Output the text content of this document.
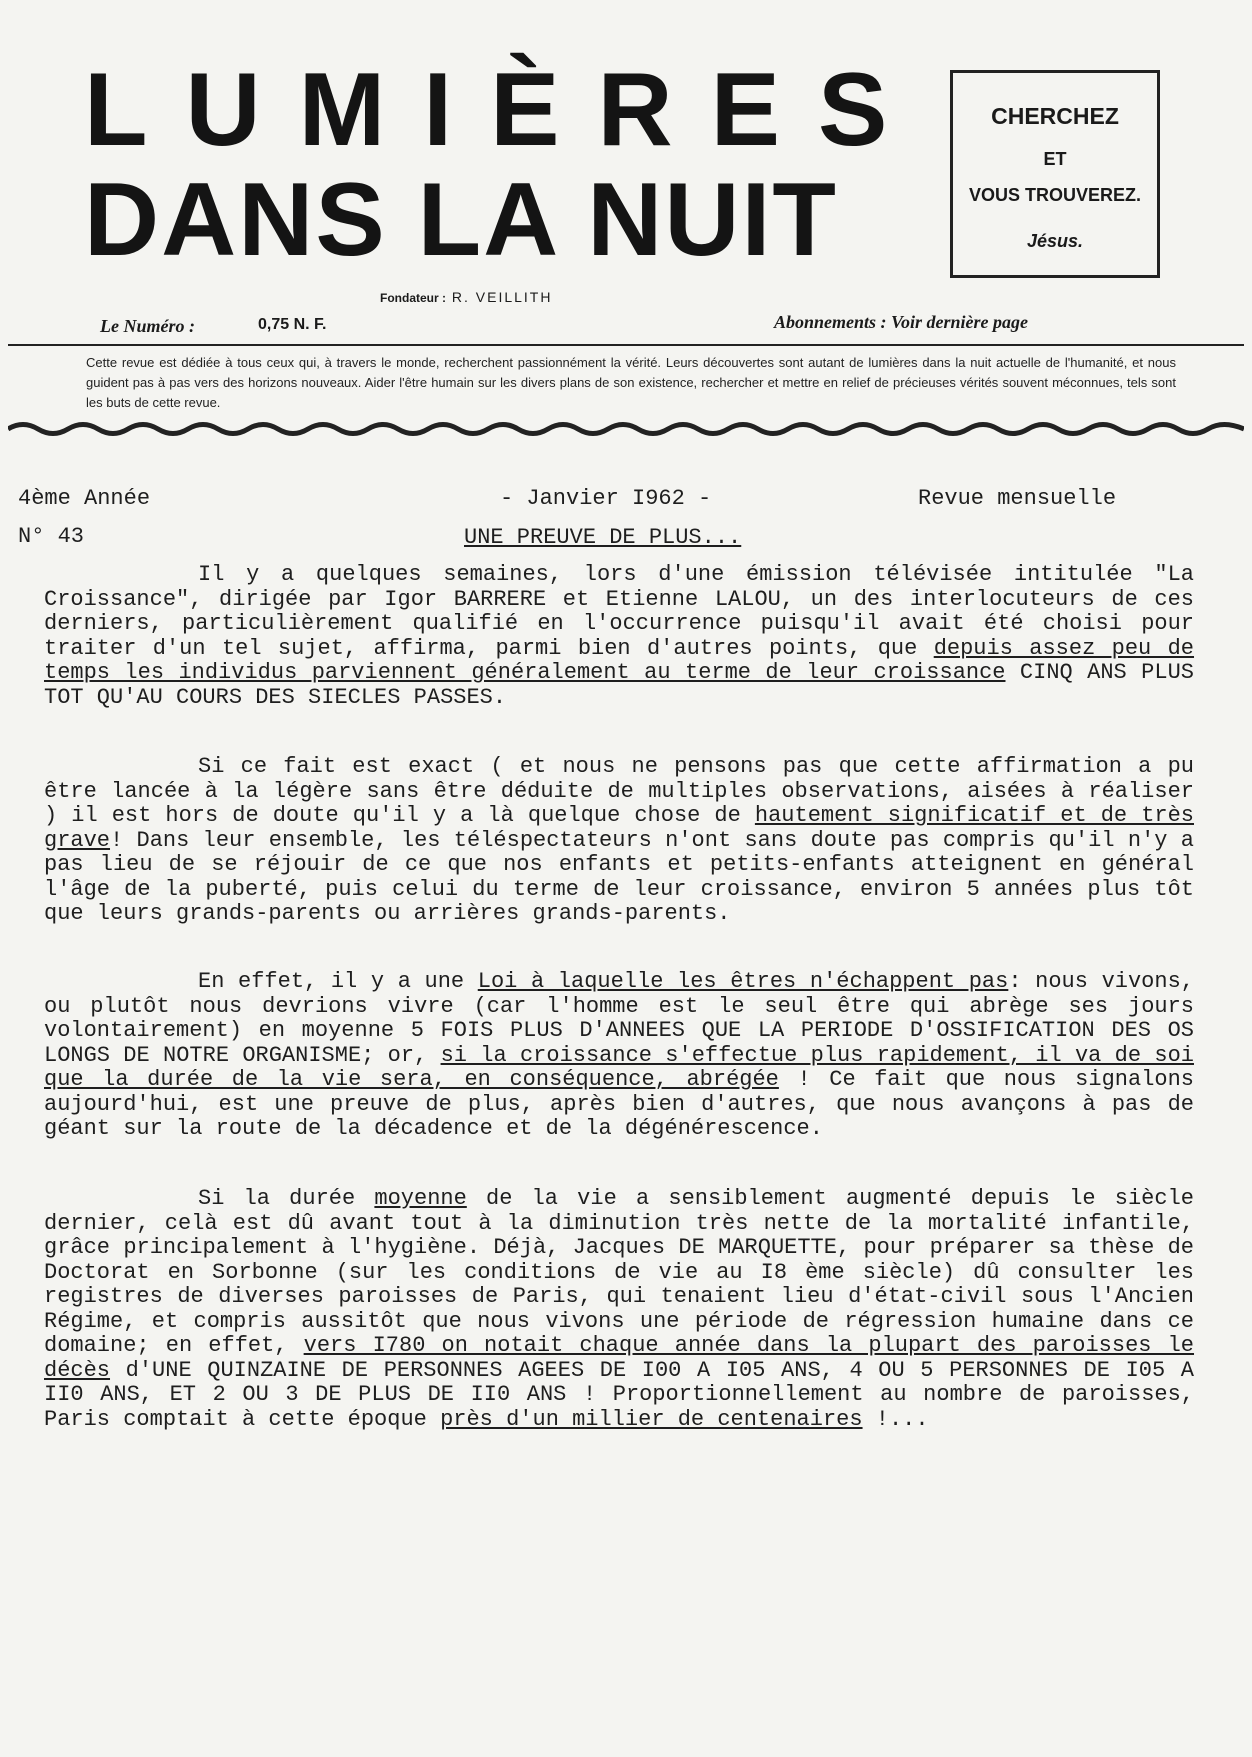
LUMIÈRES
DANS LA NUIT
CHERCHEZ
ET
VOUS TROUVEREZ.
Jésus.
Fondateur : R. VEILLITH
Le Numéro :	0,75 N. F.	Abonnements : Voir dernière page
Cette revue est dédiée à tous ceux qui, à travers le monde, recherchent passionnément la vérité. Leurs découvertes sont autant de lumières dans la nuit actuelle de l'humanité, et nous guident pas à pas vers des horizons nouveaux. Aider l'être humain sur les divers plans de son existence, rechercher et mettre en relief de précieuses vérités souvent méconnues, tels sont les buts de cette revue.
4ème Année	- Janvier I962 -	Revue mensuelle
N° 43	UNE PREUVE DE PLUS...

Il y a quelques semaines, lors d'une émission télévisée intitulée "La Croissance", dirigée par Igor BARRERE et Etienne LALOU, un des interlocuteurs de ces derniers, particulièrement qualifié en l'occurrence puisqu'il avait été choisi pour traiter d'un tel sujet, affirma, parmi bien d'autres points, que depuis assez peu de temps les individus parviennent généralement au terme de leur croissance CINQ ANS PLUS TOT QU'AU COURS DES SIECLES PASSES.

Si ce fait est exact ( et nous ne pensons pas que cette affirmation a pu être lancée à la légère sans être déduite de multiples observations, aisées à réaliser ) il est hors de doute qu'il y a là quelque chose de hautement significatif et de très grave! Dans leur ensemble, les téléspectateurs n'ont sans doute pas compris qu'il n'y a pas lieu de se réjouir de ce que nos enfants et petits-enfants atteignent en général l'âge de la puberté, puis celui du terme de leur croissance, environ 5 années plus tôt que leurs grands-parents ou arrières grands-parents.

En effet, il y a une Loi à laquelle les êtres n'échappent pas: nous vivons, ou plutôt nous devrions vivre (car l'homme est le seul être qui abrège ses jours volontairement) en moyenne 5 FOIS PLUS D'ANNEES QUE LA PERIODE D'OSSIFICATION DES OS LONGS DE NOTRE ORGANISME; or, si la croissance s'effectue plus rapidement, il va de soi que la durée de la vie sera, en conséquence, abrégée ! Ce fait que nous signalons aujourd'hui, est une preuve de plus, après bien d'autres, que nous avançons à pas de géant sur la route de la décadence et de la dégénérescence.

Si la durée moyenne de la vie a sensiblement augmenté depuis le siècle dernier, celà est dû avant tout à la diminution très nette de la mortalité infantile, grâce principalement à l'hygiène. Déjà, Jacques DE MARQUETTE, pour préparer sa thèse de Doctorat en Sorbonne (sur les conditions de vie au I8 ème siècle) dû consulter les registres de diverses paroisses de Paris, qui tenaient lieu d'état-civil sous l'Ancien Régime, et compris aussitôt que nous vivons une période de régression humaine dans ce domaine; en effet, vers I780 on notait chaque année dans la plupart des paroisses le décès d'UNE QUINZAINE DE PERSONNES AGEES DE I00 A I05 ANS, 4 OU 5 PERSONNES DE I05 A II0 ANS, ET 2 OU 3 DE PLUS DE II0 ANS ! Proportionnellement au nombre de paroisses, Paris comptait à cette époque près d'un millier de centenaires !...
